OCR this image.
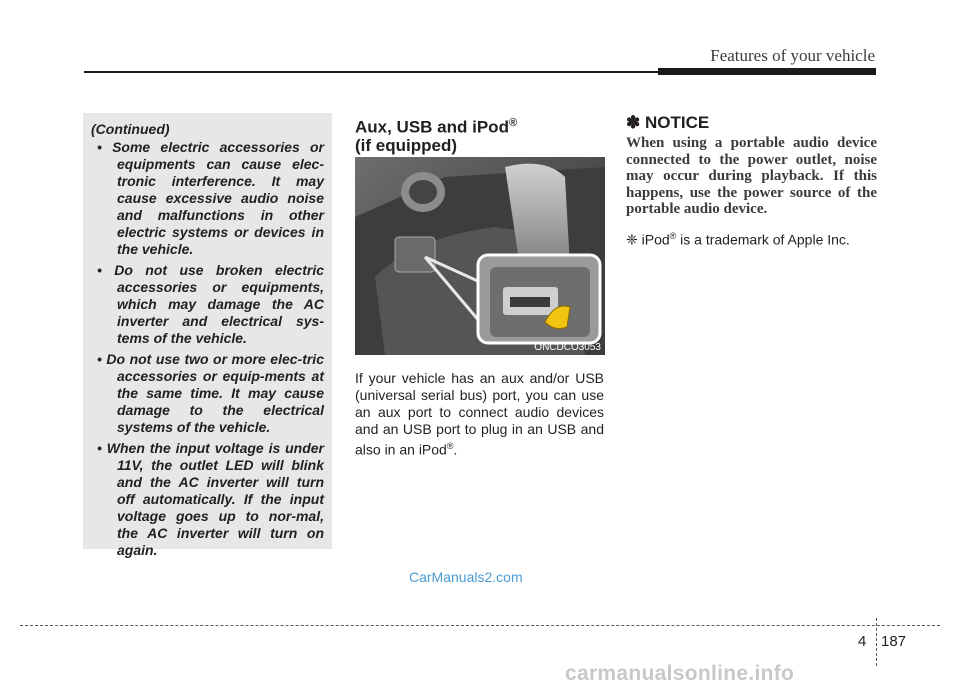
Features of your vehicle
(Continued)
• Some electric accessories or equipments can cause elec-tronic interference. It may cause excessive audio noise and malfunctions in other electric systems or devices in the vehicle.
• Do not use broken electric accessories or equipments, which may damage the AC inverter and electrical sys-tems of the vehicle.
• Do not use two or more elec-tric accessories or equip-ments at the same time. It may cause damage to the electrical systems of the vehicle.
• When the input voltage is under 11V, the outlet LED will blink and the AC inverter will turn off automatically. If the input voltage goes up to nor-mal, the AC inverter will turn on again.
Aux, USB and iPod®
(if equipped)
ONCDCO3053
If your vehicle has an aux and/or USB (universal serial bus) port, you can use an aux port to connect audio devices and an USB port to plug in an USB and also in an iPod®.
✽ NOTICE
When using a portable audio device connected to the power outlet, noise may occur during playback. If this happens, use the power source of the portable audio device.
❈ iPod® is a trademark of Apple Inc.
CarManuals2.com
carmanualsonline.info
4 187
